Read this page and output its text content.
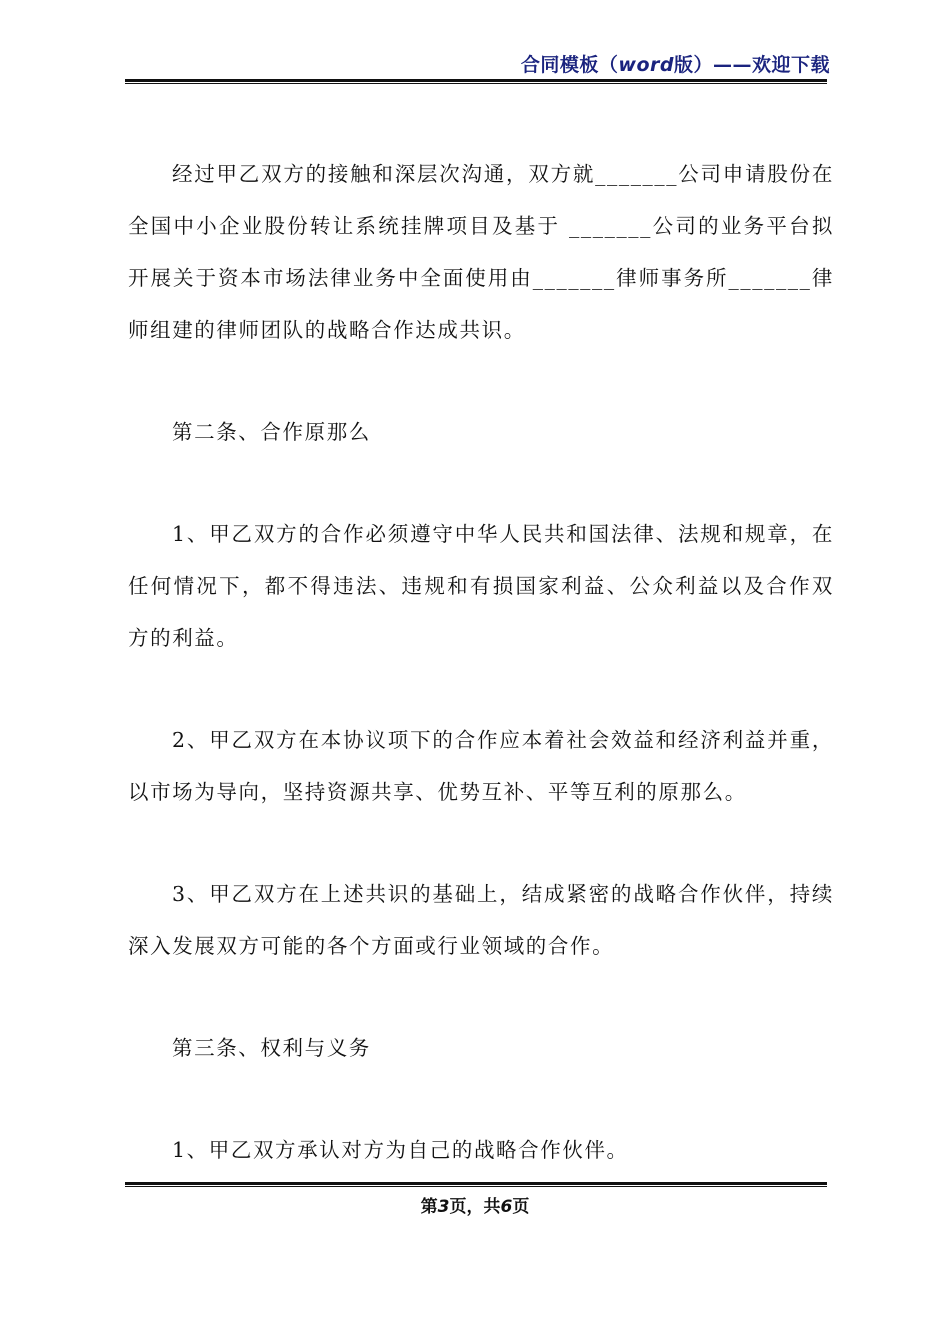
合同模板（word版）——欢迎下载

经过甲乙双方的接触和深层次沟通，双方就_______公司申请股份在全国中小企业股份转让系统挂牌项目及基于 _______公司的业务平台拟开展关于资本市场法律业务中全面使用由_______律师事务所_______律师组建的律师团队的战略合作达成共识。

第二条、合作原那么

1、甲乙双方的合作必须遵守中华人民共和国法律、法规和规章，在任何情况下，都不得违法、违规和有损国家利益、公众利益以及合作双方的利益。

2、甲乙双方在本协议项下的合作应本着社会效益和经济利益并重，以市场为导向，坚持资源共享、优势互补、平等互利的原那么。

3、甲乙双方在上述共识的基础上，结成紧密的战略合作伙伴，持续深入发展双方可能的各个方面或行业领域的合作。

第三条、权利与义务

1、甲乙双方承认对方为自己的战略合作伙伴。

第3页，共6页
